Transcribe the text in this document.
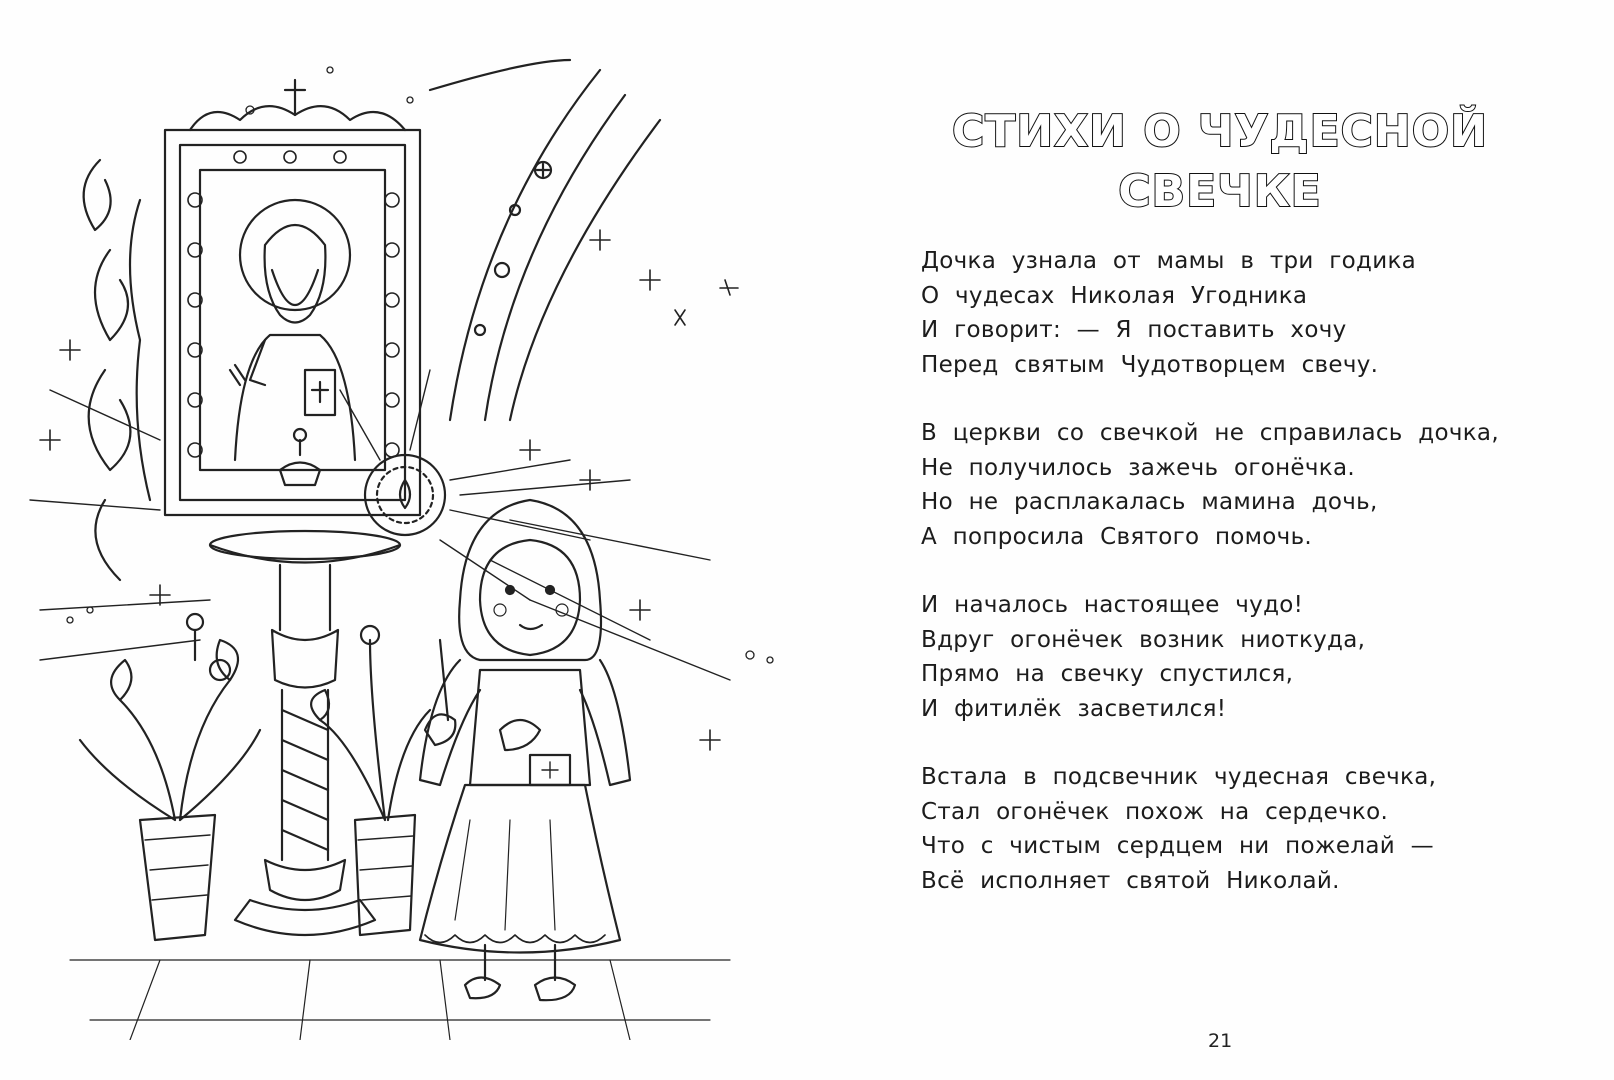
СТИХИ О ЧУДЕСНОЙ
СВЕЧКЕ
Дочка узнала от мамы в три годика
О чудесах Николая Угодника
И говорит: — Я поставить хочу
Перед святым Чудотворцем свечу.
В церкви со свечкой не справилась дочка,
Не получилось зажечь огонёчка.
Но не расплакалась мамина дочь,
А попросила Святого помочь.
И началось настоящее чудо!
Вдруг огонёчек возник ниоткуда,
Прямо на свечку спустился,
И фитилёк засветился!
Встала в подсвечник чудесная свечка,
Стал огонёчек похож на сердечко.
Что с чистым сердцем ни пожелай —
Всё исполняет святой Николай.
21
